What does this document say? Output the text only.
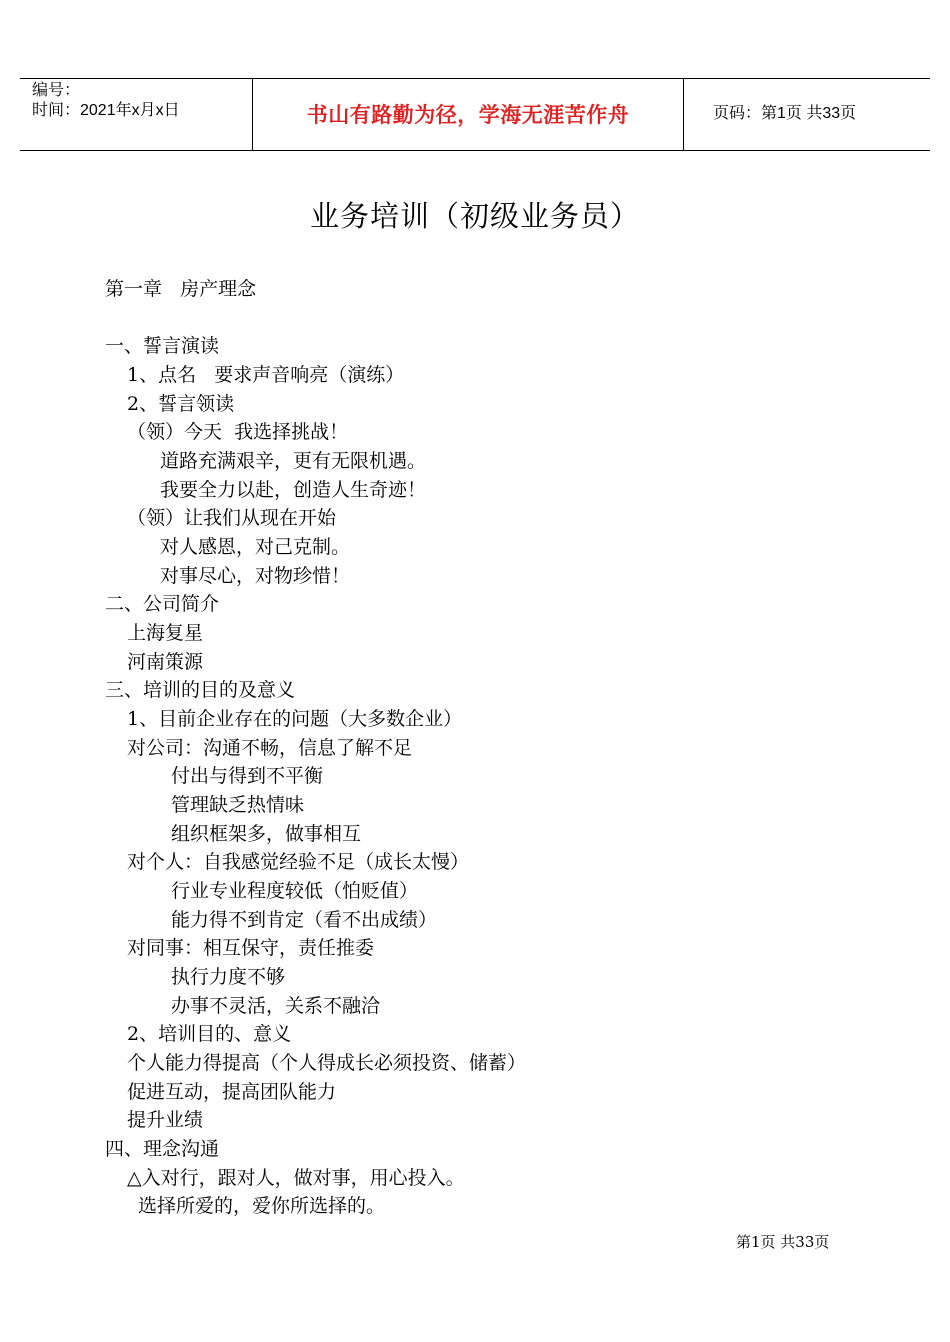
编号：
时间：2021年x月x日	书山有路勤为径，学海无涯苦作舟	页码：第1页 共33页
业务培训（初级业务员）
第一章   房产理念
一、誓言演读
1、点名   要求声音响亮（演练）
2、誓言领读
（领）今天  我选择挑战！
道路充满艰辛，更有无限机遇。
我要全力以赴，创造人生奇迹！
（领）让我们从现在开始
对人感恩，对己克制。
对事尽心，对物珍惜！
二、公司简介
上海复星
河南策源
三、培训的目的及意义
1、目前企业存在的问题（大多数企业）
对公司：沟通不畅，信息了解不足
付出与得到不平衡
管理缺乏热情味
组织框架多，做事相互
对个人：自我感觉经验不足（成长太慢）
行业专业程度较低（怕贬值）
能力得不到肯定（看不出成绩）
对同事：相互保守，责任推委
执行力度不够
办事不灵活，关系不融洽
2、培训目的、意义
个人能力得提高（个人得成长必须投资、储蓄）
促进互动，提高团队能力
提升业绩
四、理念沟通
△入对行，跟对人，做对事，用心投入。
选择所爱的，爱你所选择的。
第1页 共33页
